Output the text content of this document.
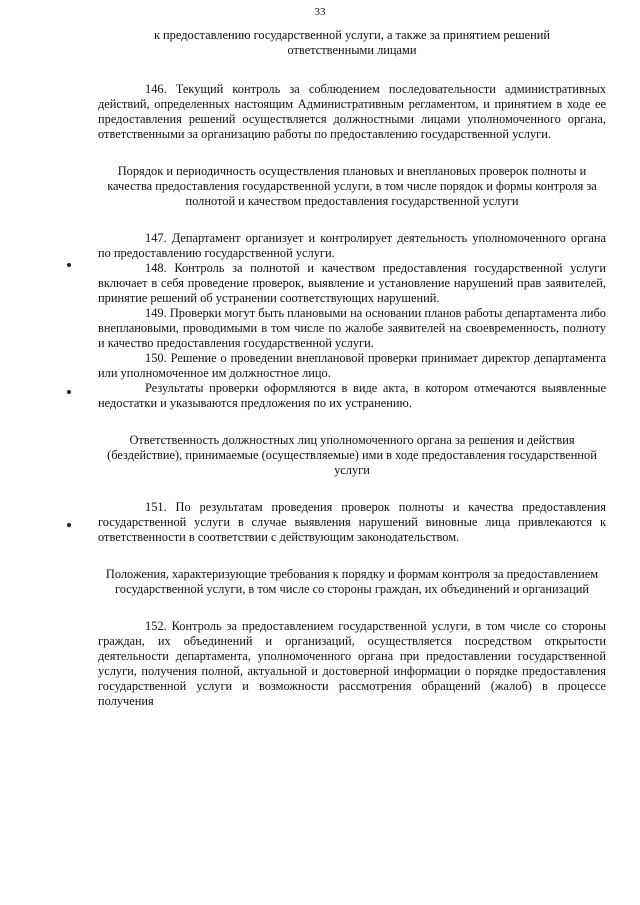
33
к предоставлению государственной услуги, а также за принятием решений ответственными лицами

146. Текущий контроль за соблюдением последовательности административных действий, определенных настоящим Административным регламентом, и принятием в ходе ее предоставления решений осуществляется должностными лицами уполномоченного органа, ответственными за организацию работы по предоставлению государственной услуги.

Порядок и периодичность осуществления плановых и внеплановых проверок полноты и качества предоставления государственной услуги, в том числе порядок и формы контроля за полнотой и качеством предоставления государственной услуги

147. Департамент организует и контролирует деятельность уполномоченного органа по предоставлению государственной услуги.

148. Контроль за полнотой и качеством предоставления государственной услуги включает в себя проведение проверок, выявление и установление нарушений прав заявителей, принятие решений об устранении соответствующих нарушений.

149. Проверки могут быть плановыми на основании планов работы департамента либо внеплановыми, проводимыми в том числе по жалобе заявителей на своевременность, полноту и качество предоставления государственной услуги.

150. Решение о проведении внеплановой проверки принимает директор департамента или уполномоченное им должностное лицо.

Результаты проверки оформляются в виде акта, в котором отмечаются выявленные недостатки и указываются предложения по их устранению.

Ответственность должностных лиц уполномоченного органа за решения и действия (бездействие), принимаемые (осуществляемые) ими в ходе предоставления государственной услуги

151. По результатам проведения проверок полноты и качества предоставления государственной услуги в случае выявления нарушений виновные лица привлекаются к ответственности в соответствии с действующим законодательством.

Положения, характеризующие требования к порядку и формам контроля за предоставлением государственной услуги, в том числе со стороны граждан, их объединений и организаций

152. Контроль за предоставлением государственной услуги, в том числе со стороны граждан, их объединений и организаций, осуществляется посредством открытости деятельности департамента, уполномоченного органа при предоставлении государственной услуги, получения полной, актуальной и достоверной информации о порядке предоставления государственной услуги и возможности рассмотрения обращений (жалоб) в процессе получения
